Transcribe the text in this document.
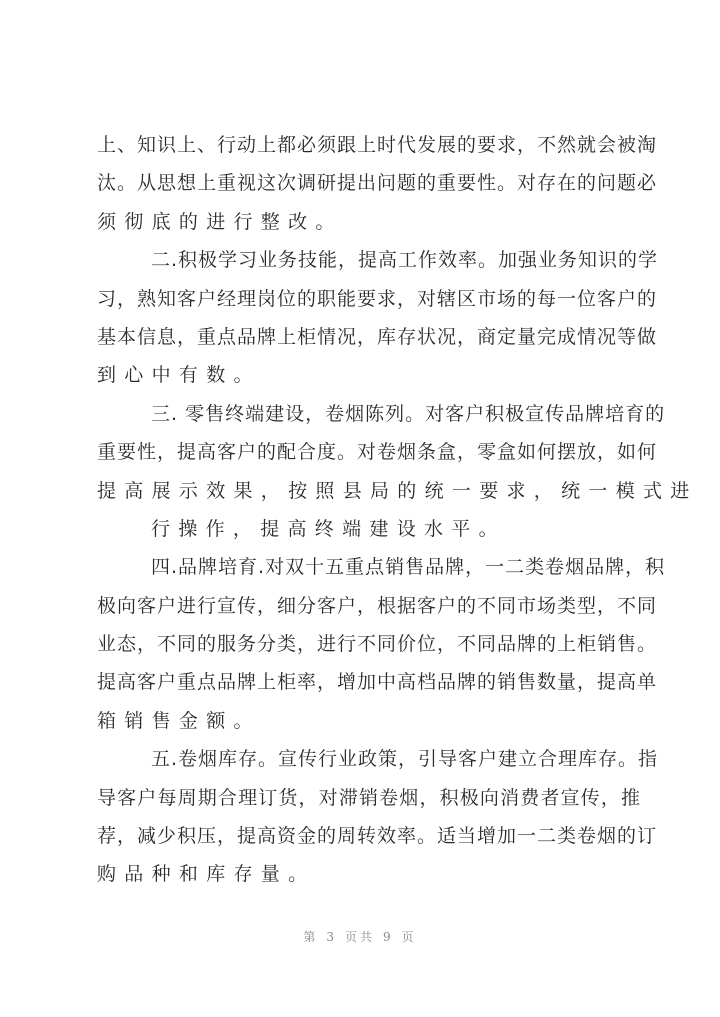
上、知识上、行动上都必须跟上时代发展的要求，不然就会被淘
汰。从思想上重视这次调研提出问题的重要性。对存在的问题必
须彻底的进行整改。
二.积极学习业务技能，提高工作效率。加强业务知识的学
习，熟知客户经理岗位的职能要求，对辖区市场的每一位客户的
基本信息，重点品牌上柜情况，库存状况，商定量完成情况等做
到心中有数。
三. 零售终端建设，卷烟陈列。对客户积极宣传品牌培育的
重要性，提高客户的配合度。对卷烟条盒，零盒如何摆放，如何
提高展示效果，按照县局的统一要求，统一模式进
行操作，提高终端建设水平。
四.品牌培育.对双十五重点销售品牌，一二类卷烟品牌，积
极向客户进行宣传，细分客户，根据客户的不同市场类型，不同
业态，不同的服务分类，进行不同价位，不同品牌的上柜销售。
提高客户重点品牌上柜率，增加中高档品牌的销售数量，提高单
箱销售金额。
五.卷烟库存。宣传行业政策，引导客户建立合理库存。指
导客户每周期合理订货，对滞销卷烟，积极向消费者宣传，推
荐，减少积压，提高资金的周转效率。适当增加一二类卷烟的订
购品种和库存量。
第 3 页共 9 页
